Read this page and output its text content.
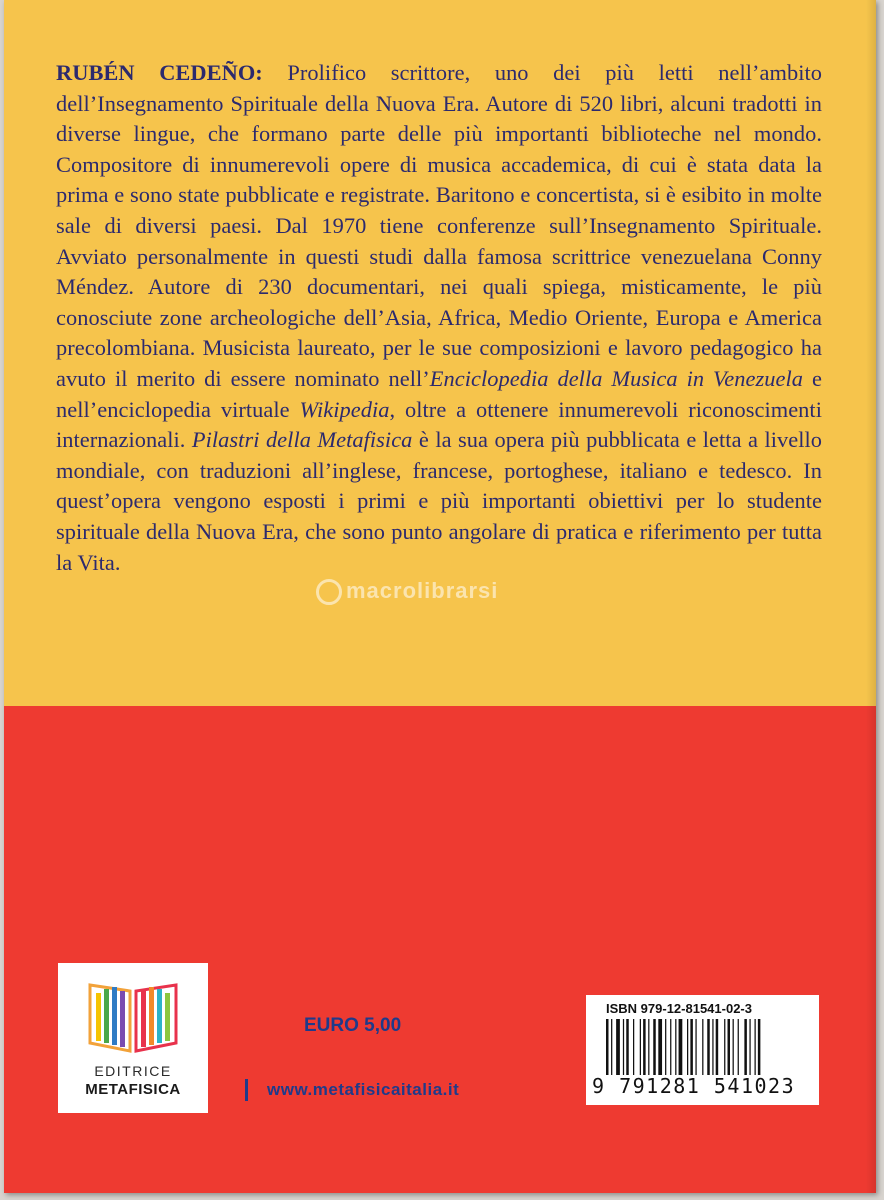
RUBÉN CEDEÑO: Prolifico scrittore, uno dei più letti nell’ambito dell’Insegnamento Spirituale della Nuova Era. Autore di 520 libri, alcuni tradotti in diverse lingue, che formano parte delle più importanti biblioteche nel mondo. Compositore di innumerevoli opere di musica accademica, di cui è stata data la prima e sono state pubblicate e registrate. Baritono e concertista, si è esibito in molte sale di diversi paesi. Dal 1970 tiene conferenze sull’Insegnamento Spirituale. Avviato personalmente in questi studi dalla famosa scrittrice venezuelana Conny Méndez. Autore di 230 documentari, nei quali spiega, misticamente, le più conosciute zone archeologiche dell’Asia, Africa, Medio Oriente, Europa e America precolombiana. Musicista laureato, per le sue composizioni e lavoro pedagogico ha avuto il merito di essere nominato nell’Enciclopedia della Musica in Venezuela e nell’enciclopedia virtuale Wikipedia, oltre a ottenere innumerevoli riconoscimenti internazionali. Pilastri della Metafisica è la sua opera più pubblicata e letta a livello mondiale, con traduzioni all’inglese, francese, portoghese, italiano e tedesco. In quest’opera vengono esposti i primi e più importanti obiettivi per lo studente spirituale della Nuova Era, che sono punto angolare di pratica e riferimento per tutta la Vita.
macrolibrarsi
EDITRICE
METAFISICA
EURO 5,00
www.metafisicaitalia.it
ISBN 979-12-81541-02-3
9 791281 541023
